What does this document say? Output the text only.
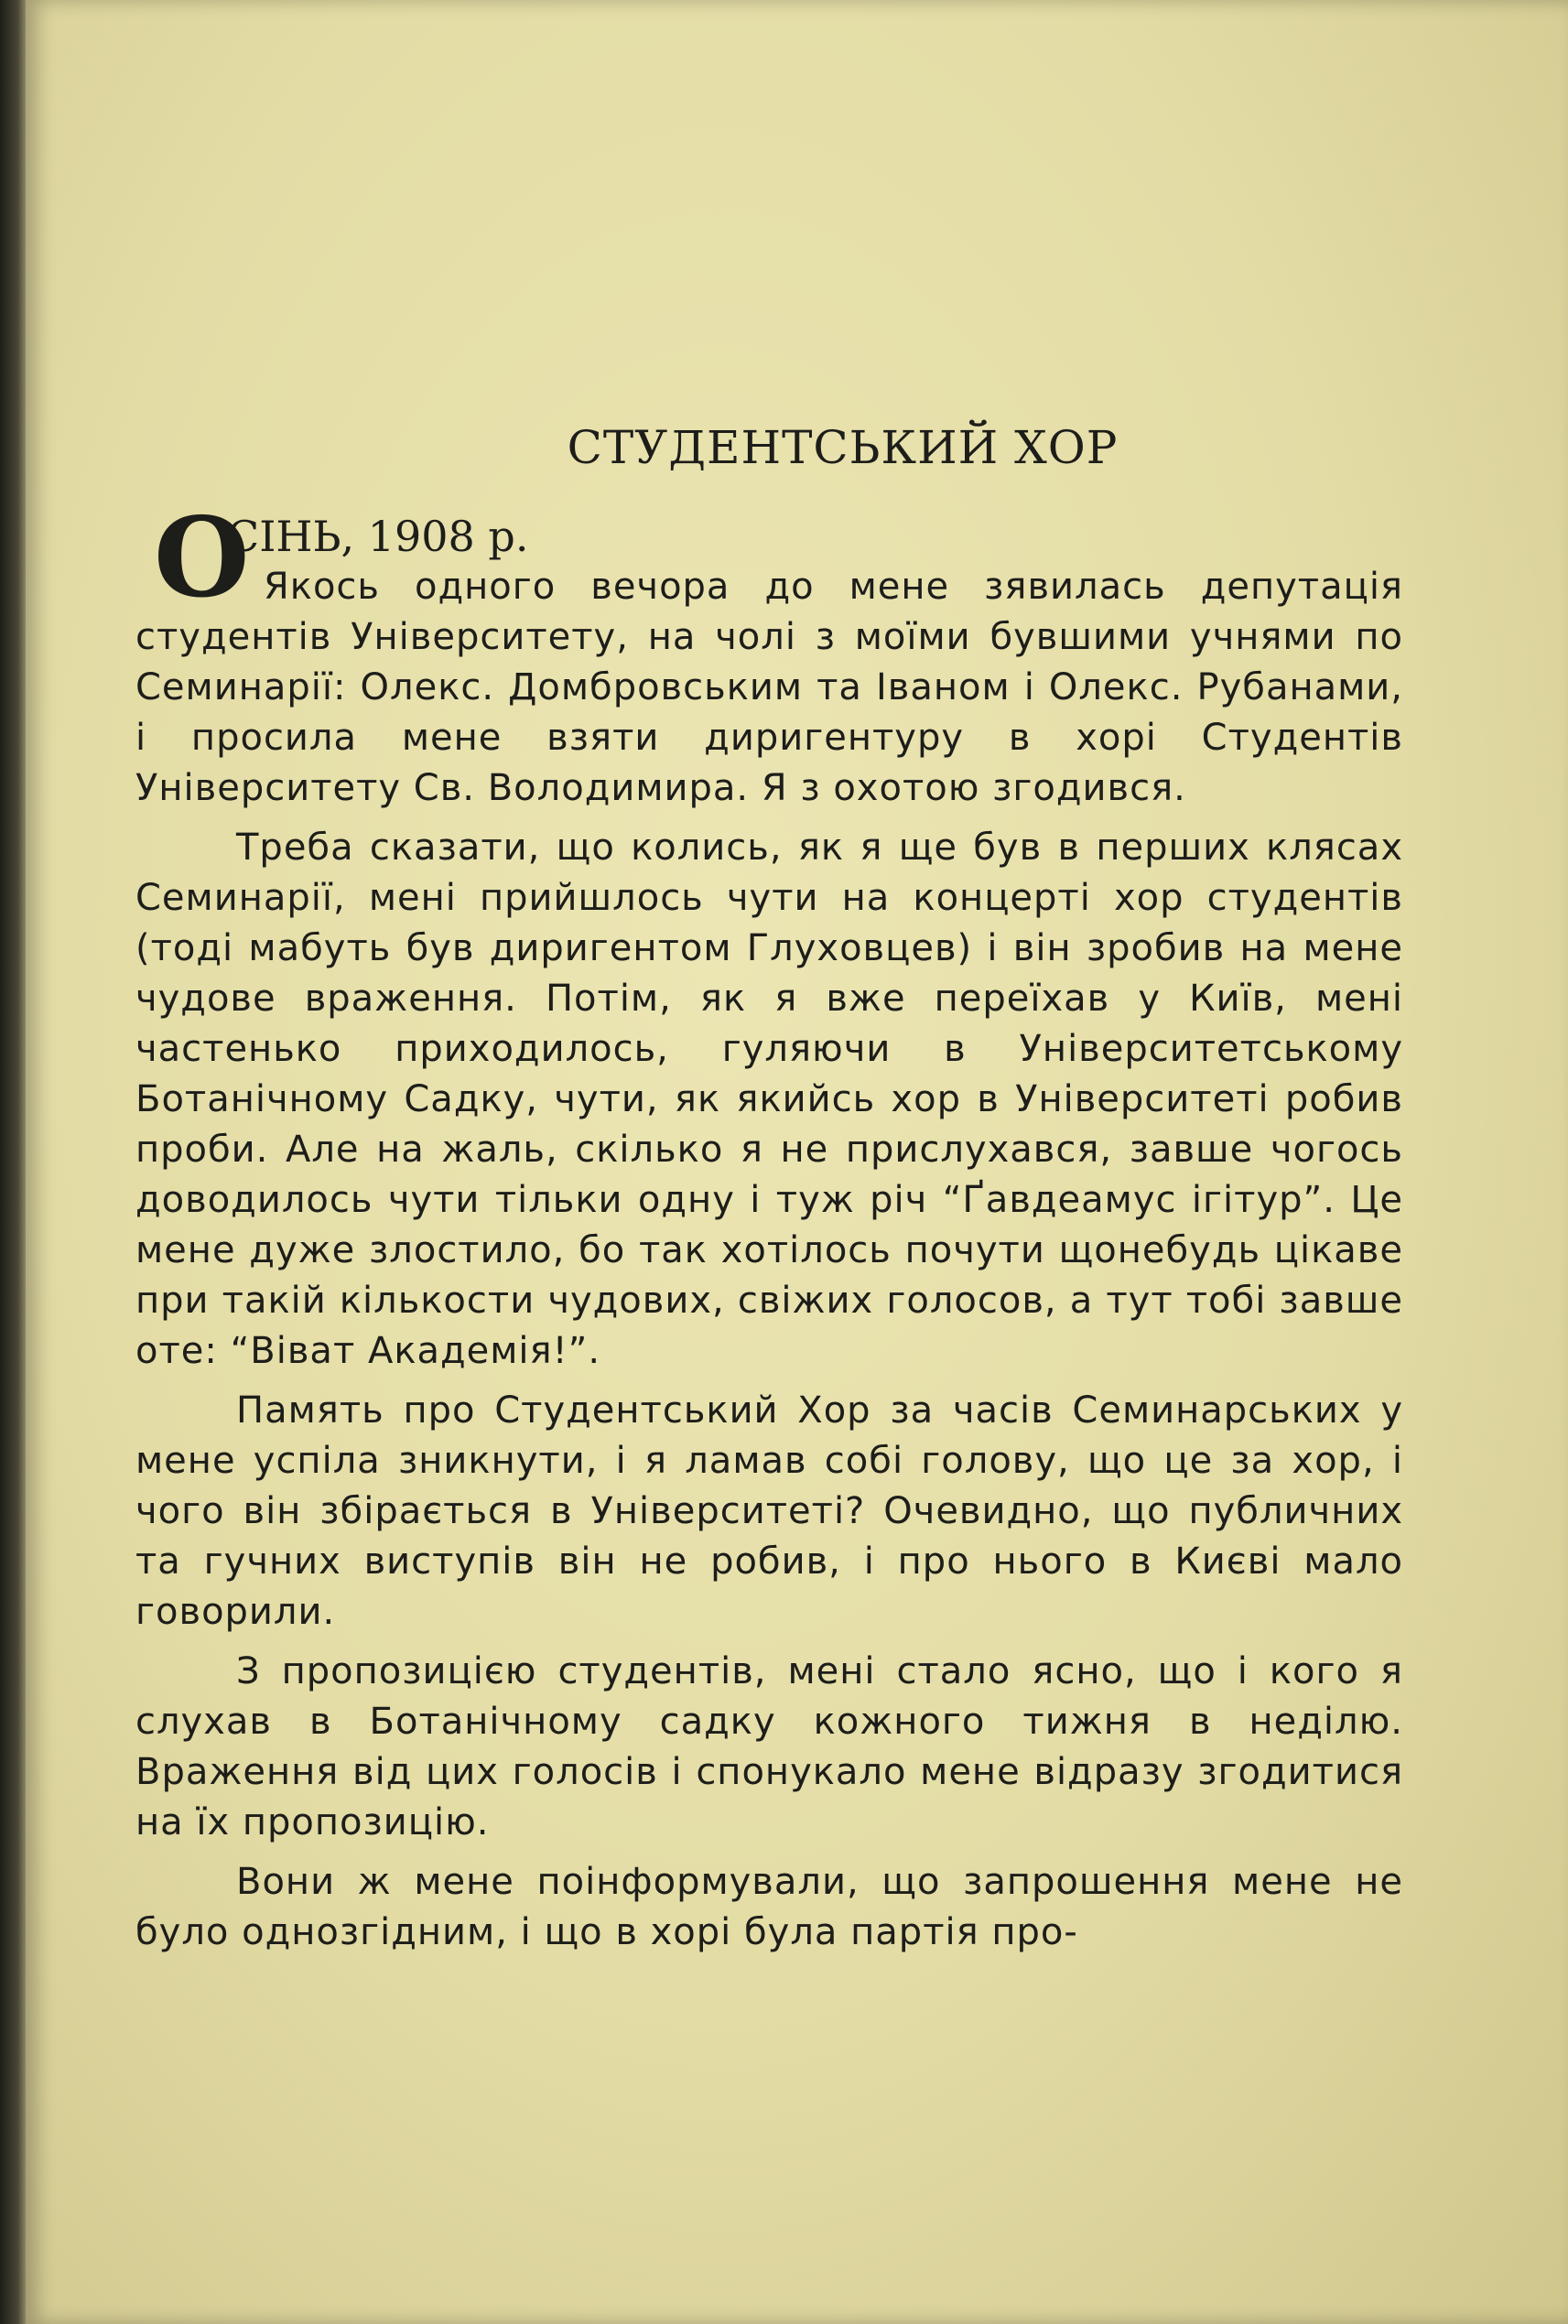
СТУДЕНТСЬКИЙ ХОР

О
СІНЬ, 1908 р.

Якось одного вечора до мене зявилась депутація студентів Університету, на чолі з моїми бувшими учнями по Семинарії: Олекс. Домбровським та Іваном і Олекс. Рубанами, і просила мене взяти диригентуру в хорі Студентів Університету Св. Володимира. Я з охотою згодився.

Треба сказати, що колись, як я ще був в перших клясах Семинарії, мені прийшлось чути на концерті хор студентів (тоді мабуть був диригентом Глуховцев) і він зробив на мене чудове враження. Потім, як я вже переїхав у Київ, мені частенько приходилось, гуляючи в Університетському Ботанічному Садку, чути, як якийсь хор в Університеті робив проби. Але на жаль, скілько я не прислухався, завше чогось доводилось чути тільки одну і туж річ “Ґавдеамус ігітур”. Це мене дуже злостило, бо так хотілось почути щонебудь цікаве при такій кількости чудових, свіжих голосов, а тут тобі завше оте: “Віват Академія!”.

Память про Студентський Хор за часів Семинарських у мене успіла зникнути, і я ламав собі голову, що це за хор, і чого він збірається в Університеті? Очевидно, що публичних та гучних виступів він не робив, і про нього в Києві мало говорили.

З пропозицією студентів, мені стало ясно, що і кого я слухав в Ботанічному садку кожного тижня в неділю. Враження від цих голосів і спонукало мене відразу згодитися на їх пропозицію.

Вони ж мене поінформували, що запрошення мене не було однозгідним, і що в хорі була партія про-
